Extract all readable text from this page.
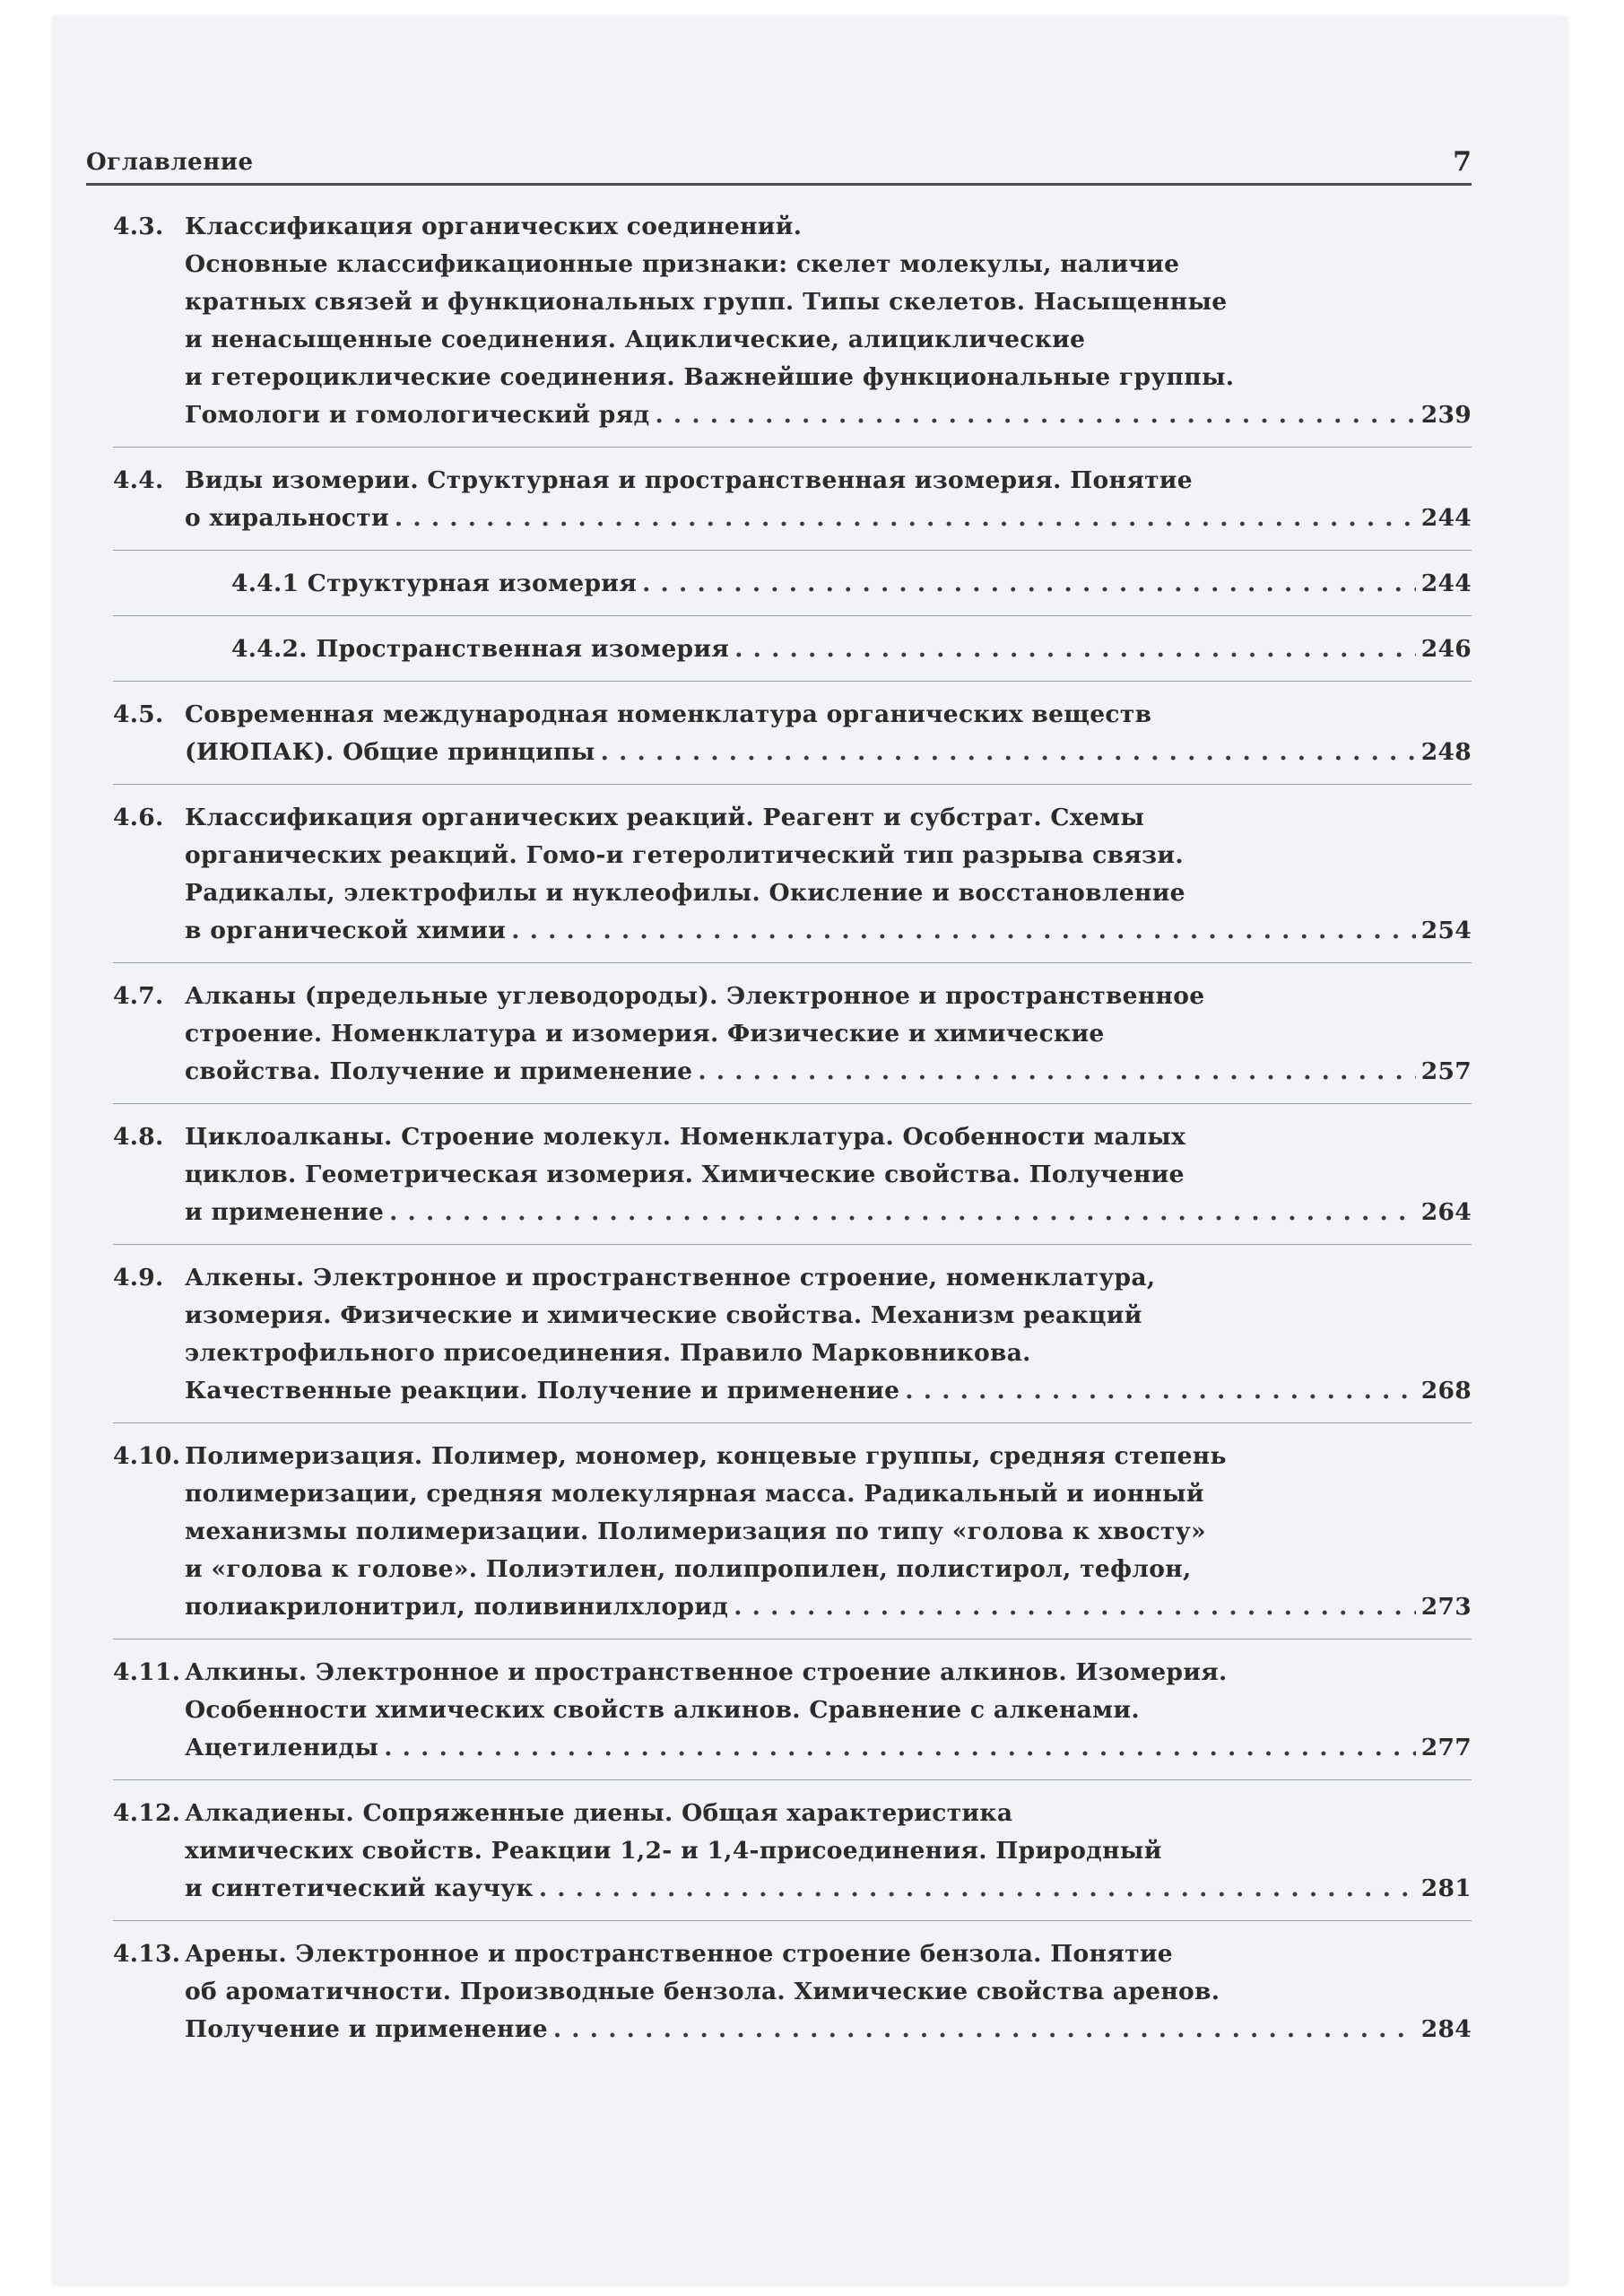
Оглавление	7
4.3. Классификация органических соединений.
Основные классификационные признаки: скелет молекулы, наличие
кратных связей и функциональных групп. Типы скелетов. Насыщенные
и ненасыщенные соединения. Ациклические, алициклические
и гетероциклические соединения. Важнейшие функциональные группы.
Гомологи и гомологический ряд . . .	239
4.4. Виды изомерии. Структурная и пространственная изомерия. Понятие
о хиральности . . .	244
4.4.1 Структурная изомерия . . .	244
4.4.2. Пространственная изомерия . . .	246
4.5. Современная международная номенклатура органических веществ
(ИЮПАК). Общие принципы . . .	248
4.6. Классификация органических реакций. Реагент и субстрат. Схемы
органических реакций. Гомо-и гетеролитический тип разрыва связи.
Радикалы, электрофилы и нуклеофилы. Окисление и восстановление
в органической химии . . .	254
4.7. Алканы (предельные углеводороды). Электронное и пространственное
строение. Номенклатура и изомерия. Физические и химические
свойства. Получение и применение . . .	257
4.8. Циклоалканы. Строение молекул. Номенклатура. Особенности малых
циклов. Геометрическая изомерия. Химические свойства. Получение
и применение . . .	264
4.9. Алкены. Электронное и пространственное строение, номенклатура,
изомерия. Физические и химические свойства. Механизм реакций
электрофильного присоединения. Правило Марковникова.
Качественные реакции. Получение и применение . . .	268
4.10. Полимеризация. Полимер, мономер, концевые группы, средняя степень
полимеризации, средняя молекулярная масса. Радикальный и ионный
механизмы полимеризации. Полимеризация по типу «голова к хвосту»
и «голова к голове». Полиэтилен, полипропилен, полистирол, тефлон,
полиакрилонитрил, поливинилхлорид . . .	273
4.11. Алкины. Электронное и пространственное строение алкинов. Изомерия.
Особенности химических свойств алкинов. Сравнение с алкенами.
Ацетилениды . . .	277
4.12. Алкадиены. Сопряженные диены. Общая характеристика
химических свойств. Реакции 1,2- и 1,4-присоединения. Природный
и синтетический каучук . . .	281
4.13. Арены. Электронное и пространственное строение бензола. Понятие
об ароматичности. Производные бензола. Химические свойства аренов.
Получение и применение . . .	284
